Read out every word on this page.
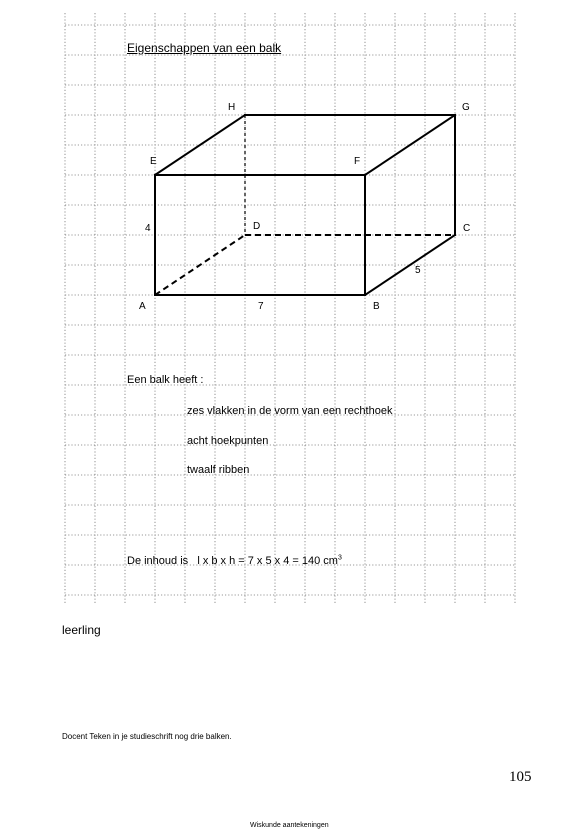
Eigenschappen van een balk
H	G
E	F
D	C
A	B
4
7
5
Een balk heeft :
zes vlakken in de vorm van een rechthoek
acht hoekpunten
twaalf ribben
De inhoud is   l x b x h = 7 x 5 x 4 = 140 $cm^3$
leerling
Docent Teken in je studieschrift nog drie balken.
105
Wiskunde aantekeningen
